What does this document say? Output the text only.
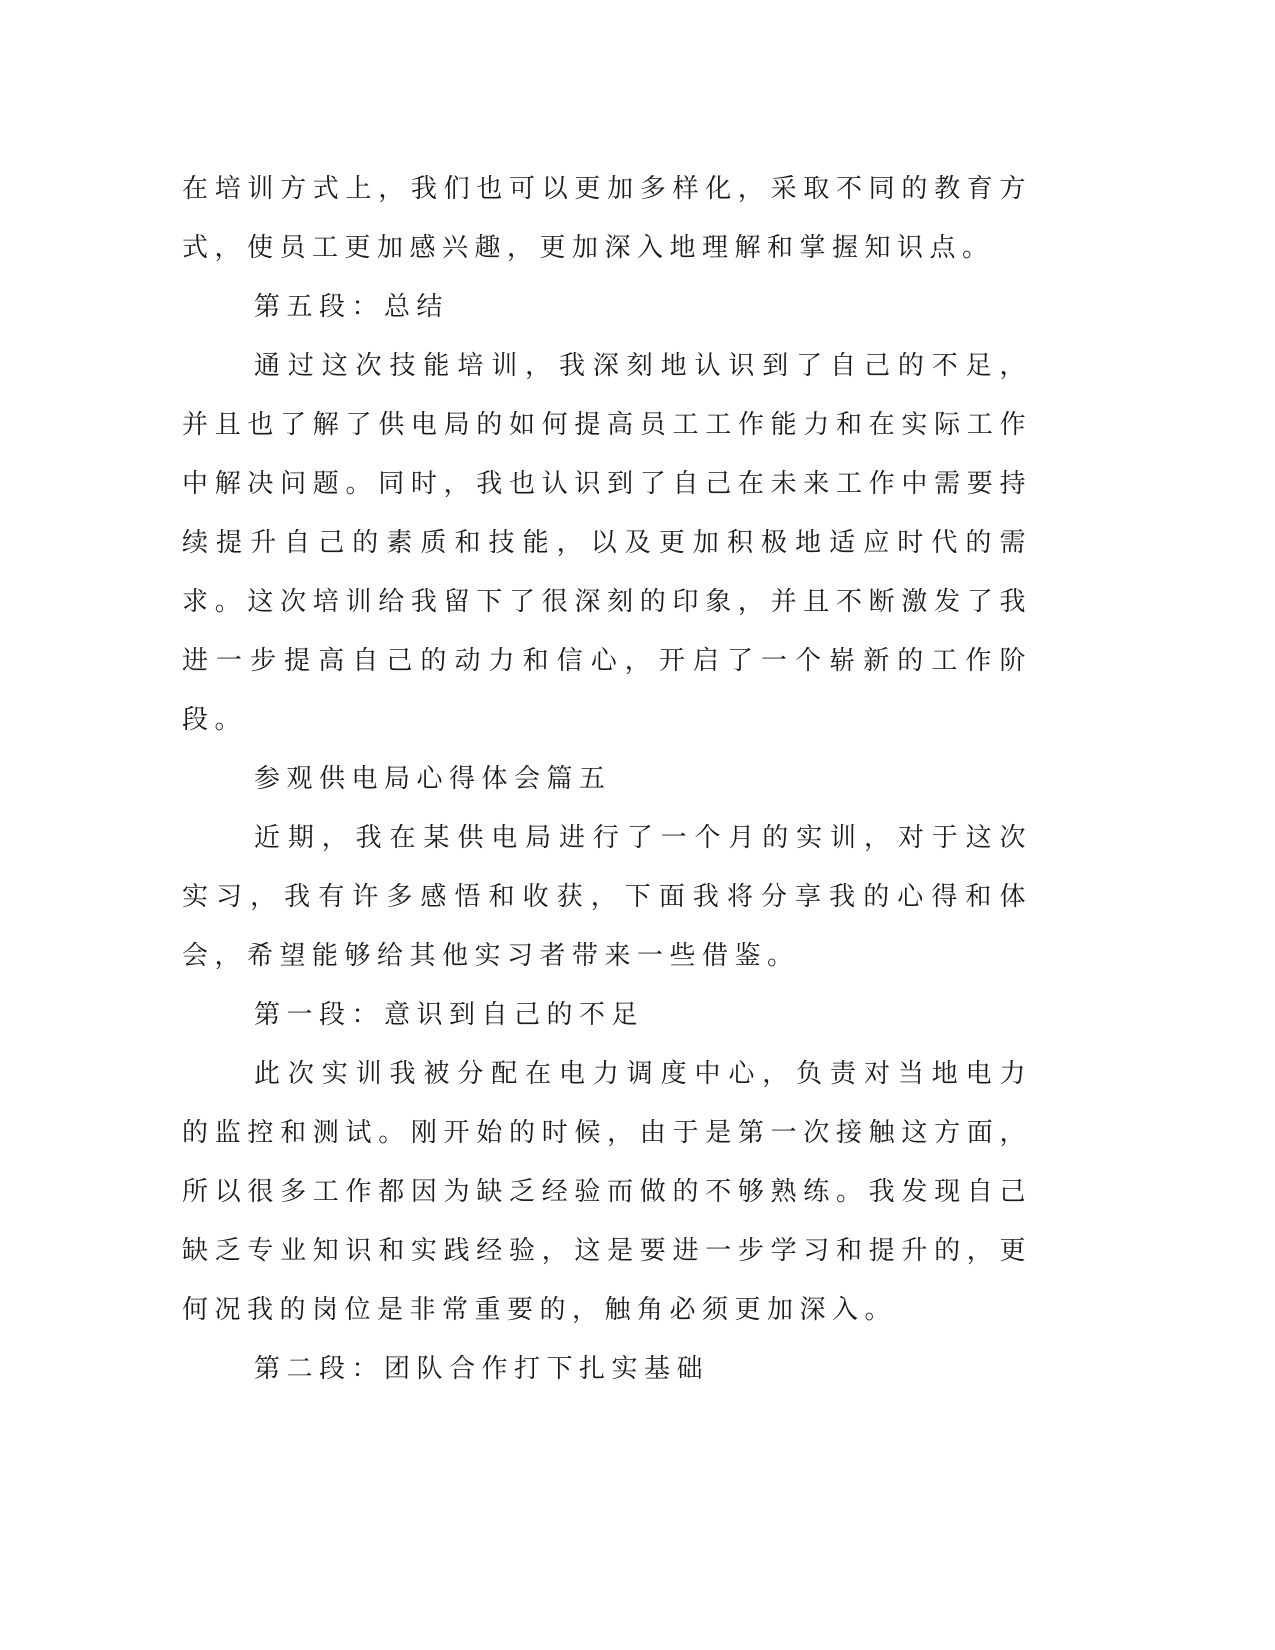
在培训方式上，我们也可以更加多样化，采取不同的教育方式，使员工更加感兴趣，更加深入地理解和掌握知识点。

第五段：总结

通过这次技能培训，我深刻地认识到了自己的不足，并且也了解了供电局的如何提高员工工作能力和在实际工作中解决问题。同时，我也认识到了自己在未来工作中需要持续提升自己的素质和技能，以及更加积极地适应时代的需求。这次培训给我留下了很深刻的印象，并且不断激发了我进一步提高自己的动力和信心，开启了一个崭新的工作阶段。

参观供电局心得体会篇五

近期，我在某供电局进行了一个月的实训，对于这次实习，我有许多感悟和收获，下面我将分享我的心得和体会，希望能够给其他实习者带来一些借鉴。

第一段：意识到自己的不足

此次实训我被分配在电力调度中心，负责对当地电力的监控和测试。刚开始的时候，由于是第一次接触这方面，所以很多工作都因为缺乏经验而做的不够熟练。我发现自己缺乏专业知识和实践经验，这是要进一步学习和提升的，更何况我的岗位是非常重要的，触角必须更加深入。

第二段：团队合作打下扎实基础
